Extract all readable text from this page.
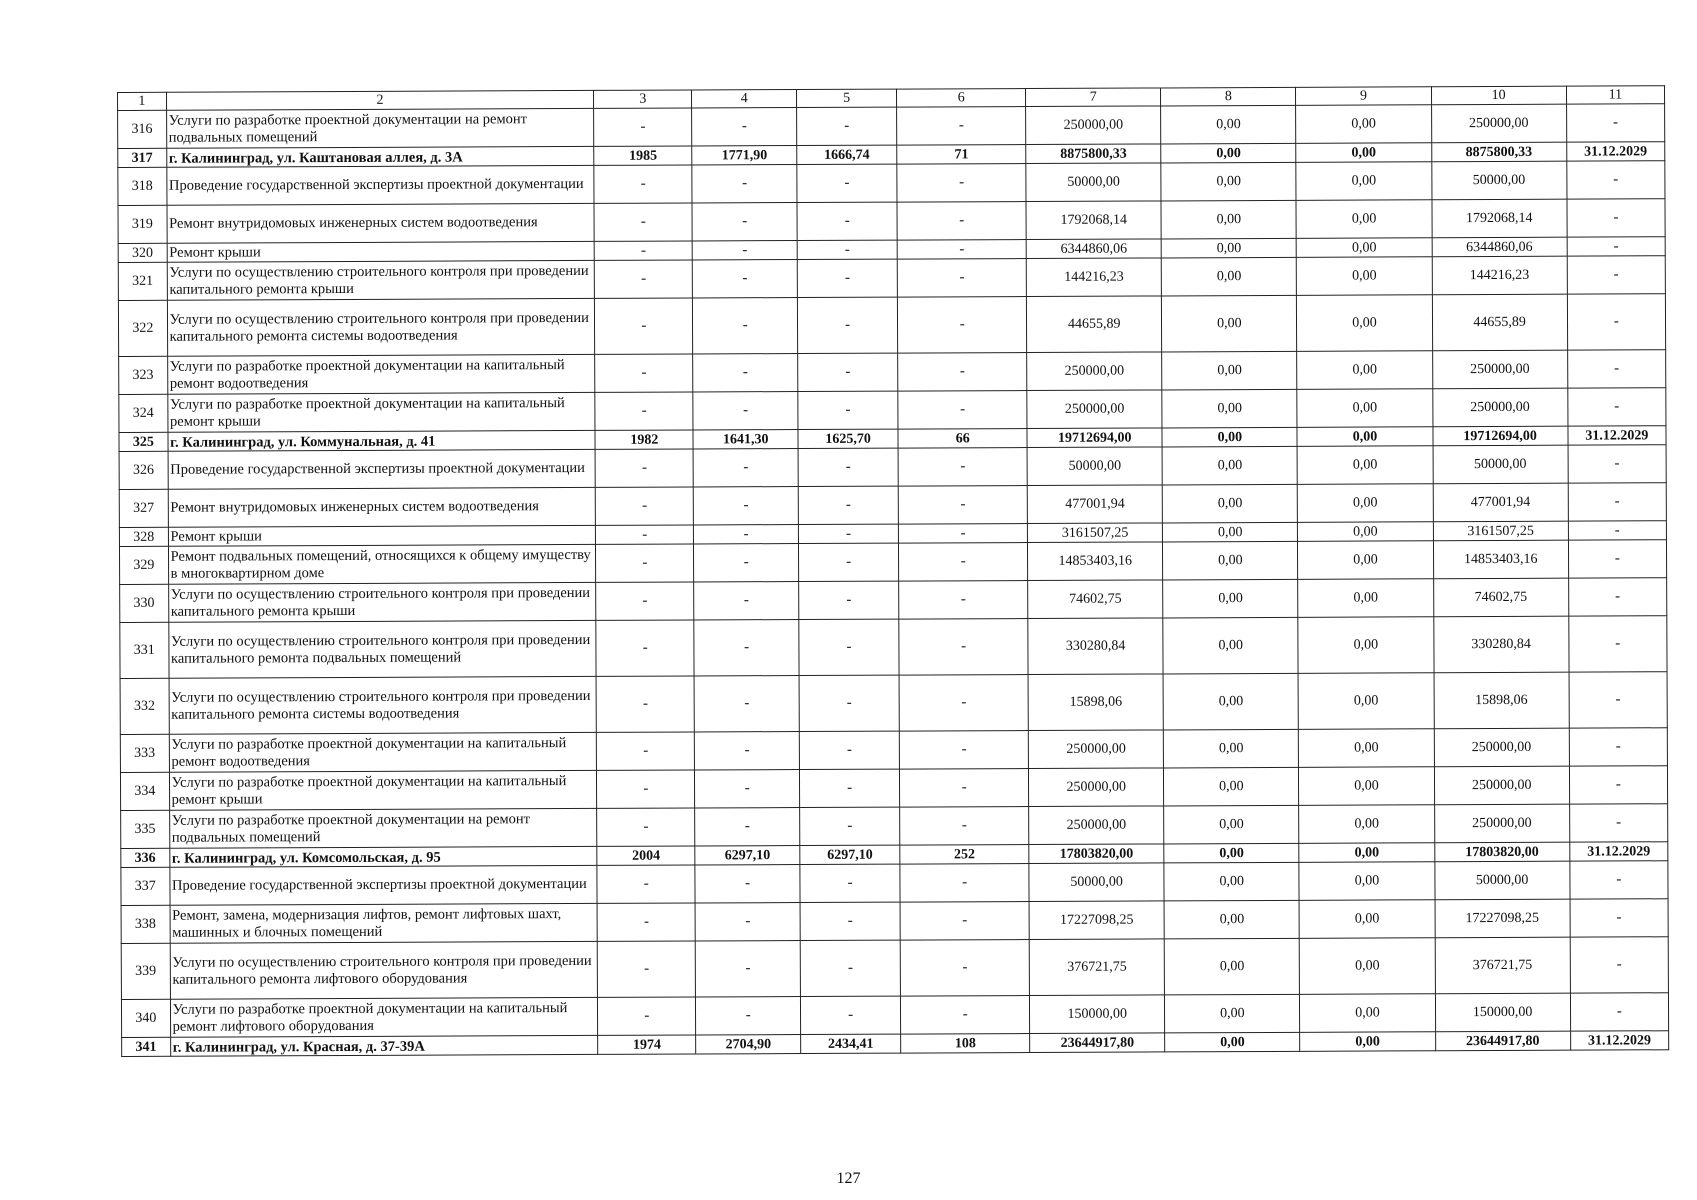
1	2	3	4	5	6	7	8	9	10	11
316	Услуги по разработке проектной документации на ремонт подвальных помещений	-	-	-	-	250000,00	0,00	0,00	250000,00	-
317	г. Калининград, ул. Каштановая аллея, д. 3А	1985	1771,90	1666,74	71	8875800,33	0,00	0,00	8875800,33	31.12.2029
318	Проведение государственной экспертизы проектной документации	-	-	-	-	50000,00	0,00	0,00	50000,00	-
319	Ремонт внутридомовых инженерных систем водоотведения	-	-	-	-	1792068,14	0,00	0,00	1792068,14	-
320	Ремонт крыши	-	-	-	-	6344860,06	0,00	0,00	6344860,06	-
321	Услуги по осуществлению строительного контроля при проведении капитального ремонта крыши	-	-	-	-	144216,23	0,00	0,00	144216,23	-
322	Услуги по осуществлению строительного контроля при проведении капитального ремонта системы водоотведения	-	-	-	-	44655,89	0,00	0,00	44655,89	-
323	Услуги по разработке проектной документации на капитальный ремонт водоотведения	-	-	-	-	250000,00	0,00	0,00	250000,00	-
324	Услуги по разработке проектной документации на капитальный ремонт крыши	-	-	-	-	250000,00	0,00	0,00	250000,00	-
325	г. Калининград, ул. Коммунальная, д. 41	1982	1641,30	1625,70	66	19712694,00	0,00	0,00	19712694,00	31.12.2029
326	Проведение государственной экспертизы проектной документации	-	-	-	-	50000,00	0,00	0,00	50000,00	-
327	Ремонт внутридомовых инженерных систем водоотведения	-	-	-	-	477001,94	0,00	0,00	477001,94	-
328	Ремонт крыши	-	-	-	-	3161507,25	0,00	0,00	3161507,25	-
329	Ремонт подвальных помещений, относящихся к общему имуществу в многоквартирном доме	-	-	-	-	14853403,16	0,00	0,00	14853403,16	-
330	Услуги по осуществлению строительного контроля при проведении капитального ремонта крыши	-	-	-	-	74602,75	0,00	0,00	74602,75	-
331	Услуги по осуществлению строительного контроля при проведении капитального ремонта подвальных помещений	-	-	-	-	330280,84	0,00	0,00	330280,84	-
332	Услуги по осуществлению строительного контроля при проведении капитального ремонта системы водоотведения	-	-	-	-	15898,06	0,00	0,00	15898,06	-
333	Услуги по разработке проектной документации на капитальный ремонт водоотведения	-	-	-	-	250000,00	0,00	0,00	250000,00	-
334	Услуги по разработке проектной документации на капитальный ремонт крыши	-	-	-	-	250000,00	0,00	0,00	250000,00	-
335	Услуги по разработке проектной документации на ремонт подвальных помещений	-	-	-	-	250000,00	0,00	0,00	250000,00	-
336	г. Калининград, ул. Комсомольская, д. 95	2004	6297,10	6297,10	252	17803820,00	0,00	0,00	17803820,00	31.12.2029
337	Проведение государственной экспертизы проектной документации	-	-	-	-	50000,00	0,00	0,00	50000,00	-
338	Ремонт, замена, модернизация лифтов, ремонт лифтовых шахт, машинных и блочных помещений	-	-	-	-	17227098,25	0,00	0,00	17227098,25	-
339	Услуги по осуществлению строительного контроля при проведении капитального ремонта лифтового оборудования	-	-	-	-	376721,75	0,00	0,00	376721,75	-
340	Услуги по разработке проектной документации на капитальный ремонт лифтового оборудования	-	-	-	-	150000,00	0,00	0,00	150000,00	-
341	г. Калининград, ул. Красная, д. 37-39А	1974	2704,90	2434,41	108	23644917,80	0,00	0,00	23644917,80	31.12.2029
127
